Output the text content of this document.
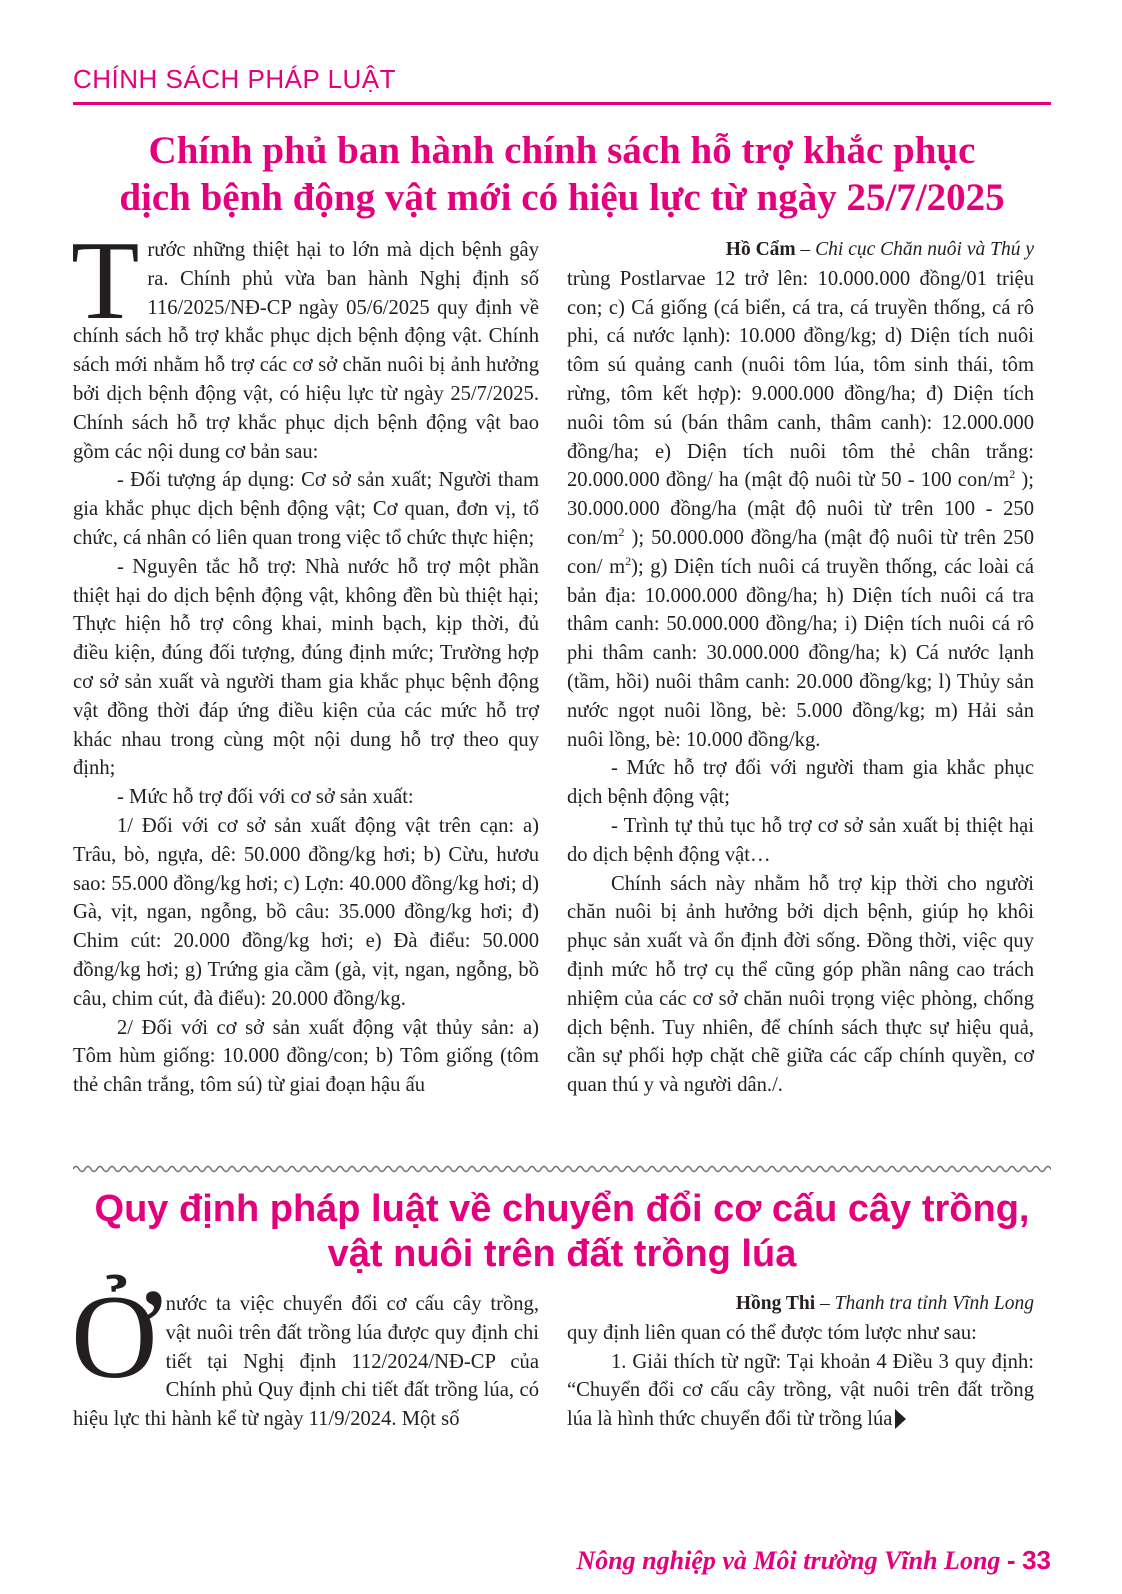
CHÍNH SÁCH PHÁP LUẬT
Chính phủ ban hành chính sách hỗ trợ khắc phục
dịch bệnh động vật mới có hiệu lực từ ngày 25/7/2025

Trước những thiệt hại to lớn mà dịch bệnh gây ra. Chính phủ vừa ban hành Nghị định số 116/2025/NĐ-CP ngày 05/6/2025 quy định về chính sách hỗ trợ khắc phục dịch bệnh động vật. Chính sách mới nhằm hỗ trợ các cơ sở chăn nuôi bị ảnh hưởng bởi dịch bệnh động vật, có hiệu lực từ ngày 25/7/2025. Chính sách hỗ trợ khắc phục dịch bệnh động vật bao gồm các nội dung cơ bản sau:

- Đối tượng áp dụng: Cơ sở sản xuất; Người tham gia khắc phục dịch bệnh động vật; Cơ quan, đơn vị, tổ chức, cá nhân có liên quan trong việc tổ chức thực hiện;

- Nguyên tắc hỗ trợ: Nhà nước hỗ trợ một phần thiệt hại do dịch bệnh động vật, không đền bù thiệt hại; Thực hiện hỗ trợ công khai, minh bạch, kịp thời, đủ điều kiện, đúng đối tượng, đúng định mức; Trường hợp cơ sở sản xuất và người tham gia khắc phục bệnh động vật đồng thời đáp ứng điều kiện của các mức hỗ trợ khác nhau trong cùng một nội dung hỗ trợ theo quy định;

- Mức hỗ trợ đối với cơ sở sản xuất:

1/ Đối với cơ sở sản xuất động vật trên cạn: a) Trâu, bò, ngựa, dê: 50.000 đồng/kg hơi; b) Cừu, hươu sao: 55.000 đồng/kg hơi; c) Lợn: 40.000 đồng/kg hơi; d) Gà, vịt, ngan, ngỗng, bồ câu: 35.000 đồng/kg hơi; đ) Chim cút: 20.000 đồng/kg hơi; e) Đà điểu: 50.000 đồng/kg hơi; g) Trứng gia cầm (gà, vịt, ngan, ngỗng, bồ câu, chim cút, đà điểu): 20.000 đồng/kg.

2/ Đối với cơ sở sản xuất động vật thủy sản: a) Tôm hùm giống: 10.000 đồng/con; b) Tôm giống (tôm thẻ chân trắng, tôm sú) từ giai đoạn hậu ấu

Hồ Cẩm – Chi cục Chăn nuôi và Thú y

trùng Postlarvae 12 trở lên: 10.000.000 đồng/01 triệu con; c) Cá giống (cá biển, cá tra, cá truyền thống, cá rô phi, cá nước lạnh): 10.000 đồng/kg; d) Diện tích nuôi tôm sú quảng canh (nuôi tôm lúa, tôm sinh thái, tôm rừng, tôm kết hợp): 9.000.000 đồng/ha; đ) Diện tích nuôi tôm sú (bán thâm canh, thâm canh): 12.000.000 đồng/ha; e) Diện tích nuôi tôm thẻ chân trắng: 20.000.000 đồng/ ha (mật độ nuôi từ 50 - 100 con/$m^2$ ); 30.000.000 đồng/ha (mật độ nuôi từ trên 100 - 250 con/$m^2$ ); 50.000.000 đồng/ha (mật độ nuôi từ trên 250 con/ $m^2$); g) Diện tích nuôi cá truyền thống, các loài cá bản địa: 10.000.000 đồng/ha; h) Diện tích nuôi cá tra thâm canh: 50.000.000 đồng/ha; i) Diện tích nuôi cá rô phi thâm canh: 30.000.000 đồng/ha; k) Cá nước lạnh (tầm, hồi) nuôi thâm canh: 20.000 đồng/kg; l) Thủy sản nước ngọt nuôi lồng, bè: 5.000 đồng/kg; m) Hải sản nuôi lồng, bè: 10.000 đồng/kg.

- Mức hỗ trợ đối với người tham gia khắc phục dịch bệnh động vật;

- Trình tự thủ tục hỗ trợ cơ sở sản xuất bị thiệt hại do dịch bệnh động vật…

Chính sách này nhằm hỗ trợ kịp thời cho người chăn nuôi bị ảnh hưởng bởi dịch bệnh, giúp họ khôi phục sản xuất và ổn định đời sống. Đồng thời, việc quy định mức hỗ trợ cụ thể cũng góp phần nâng cao trách nhiệm của các cơ sở chăn nuôi trọng việc phòng, chống dịch bệnh. Tuy nhiên, để chính sách thực sự hiệu quả, cần sự phối hợp chặt chẽ giữa các cấp chính quyền, cơ quan thú y và người dân./.

Quy định pháp luật về chuyển đổi cơ cấu cây trồng,
vật nuôi trên đất trồng lúa

Ởnước ta việc chuyển đổi cơ cấu cây trồng, vật nuôi trên đất trồng lúa được quy định chi tiết tại Nghị định 112/2024/NĐ-CP của Chính phủ Quy định chi tiết đất trồng lúa, có hiệu lực thi hành kể từ ngày 11/9/2024. Một số

Hồng Thi – Thanh tra tỉnh Vĩnh Long

quy định liên quan có thể được tóm lược như sau:

1. Giải thích từ ngữ: Tại khoản 4 Điều 3 quy định: “Chuyển đổi cơ cấu cây trồng, vật nuôi trên đất trồng lúa là hình thức chuyển đổi từ trồng lúa

Nông nghiệp và Môi trường Vĩnh Long - 33
